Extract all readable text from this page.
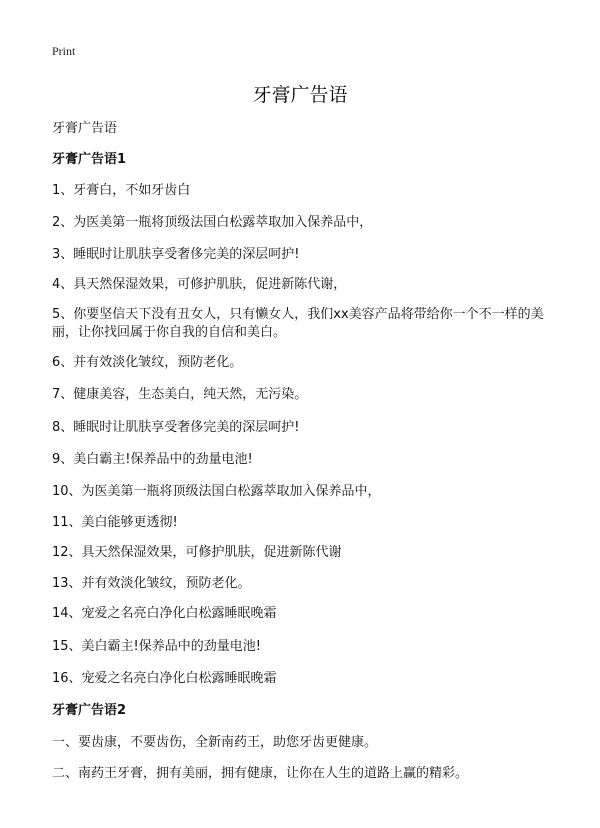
Print
牙膏广告语
牙膏广告语
牙膏广告语1
1、牙膏白，不如牙齿白
2、为医美第一瓶将顶级法国白松露萃取加入保养品中，
3、睡眠时让肌肤享受奢侈完美的深层呵护!
4、具天然保湿效果，可修护肌肤，促进新陈代谢，
5、你要坚信天下没有丑女人，只有懒女人，我们xx美容产品将带给你一个不一样的美丽，让你找回属于你自我的自信和美白。
6、并有效淡化皱纹，预防老化。
7、健康美容，生态美白，纯天然，无污染。
8、睡眠时让肌肤享受奢侈完美的深层呵护!
9、美白霸主!保养品中的劲量电池!
10、为医美第一瓶将顶级法国白松露萃取加入保养品中，
11、美白能够更透彻!
12、具天然保湿效果，可修护肌肤，促进新陈代谢
13、并有效淡化皱纹，预防老化。
14、宠爱之名亮白净化白松露睡眠晚霜
15、美白霸主!保养品中的劲量电池!
16、宠爱之名亮白净化白松露睡眠晚霜
牙膏广告语2
一、要齿康，不要齿伤，全新南药王，助您牙齿更健康。
二、南药王牙膏，拥有美丽，拥有健康，让你在人生的道路上赢的精彩。
